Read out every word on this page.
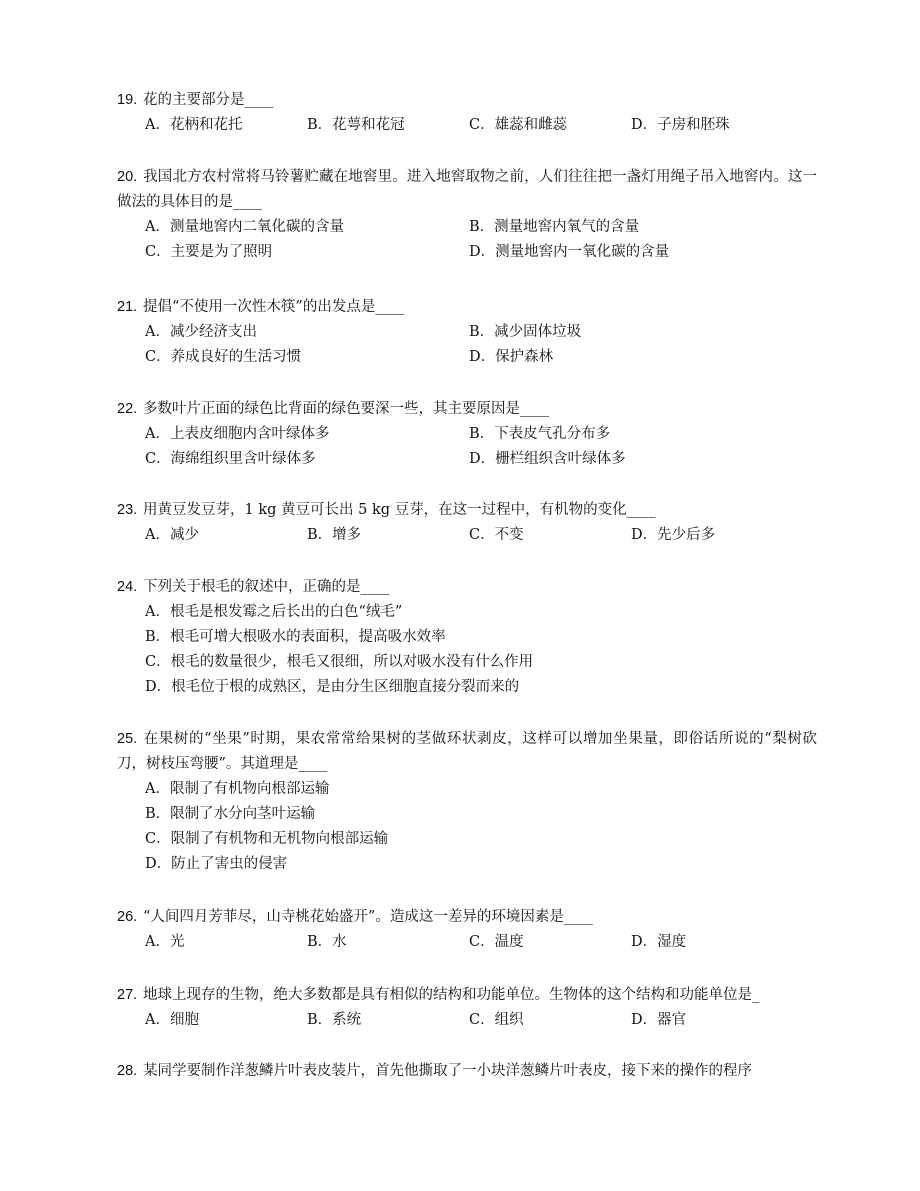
19. 花的主要部分是____

A．花柄和花托	B．花萼和花冠	C．雄蕊和雌蕊	D．子房和胚珠

20. 我国北方农村常将马铃薯贮藏在地窖里。进入地窖取物之前，人们往往把一盏灯用绳子吊入地窖内。这一做法的具体目的是____

A．测量地窖内二氧化碳的含量	B．测量地窖内氧气的含量
C．主要是为了照明	D．测量地窖内一氧化碳的含量

21. 提倡“不使用一次性木筷”的出发点是____

A．减少经济支出	B．减少固体垃圾
C．养成良好的生活习惯	D．保护森林

22. 多数叶片正面的绿色比背面的绿色要深一些，其主要原因是____

A．上表皮细胞内含叶绿体多	B．下表皮气孔分布多
C．海绵组织里含叶绿体多	D．栅栏组织含叶绿体多

23. 用黄豆发豆芽，1 kg 黄豆可长出 5 kg 豆芽，在这一过程中，有机物的变化____

A．减少	B．增多	C．不变	D．先少后多

24. 下列关于根毛的叙述中，正确的是____

A．根毛是根发霉之后长出的白色“绒毛”
B．根毛可增大根吸水的表面积，提高吸水效率
C．根毛的数量很少，根毛又很细，所以对吸水没有什么作用
D．根毛位于根的成熟区，是由分生区细胞直接分裂而来的

25. 在果树的“坐果”时期，果农常常给果树的茎做环状剥皮，这样可以增加坐果量，即俗话所说的“梨树砍刀，树枝压弯腰”。其道理是____

A．限制了有机物向根部运输
B．限制了水分向茎叶运输
C．限制了有机物和无机物向根部运输
D．防止了害虫的侵害

26. “人间四月芳菲尽，山寺桃花始盛开”。造成这一差异的环境因素是____

A．光	B．水	C．温度	D．湿度

27. 地球上现存的生物，绝大多数都是具有相似的结构和功能单位。生物体的这个结构和功能单位是_

A．细胞	B．系统	C．组织	D．器官

28. 某同学要制作洋葱鳞片叶表皮装片，首先他撕取了一小块洋葱鳞片叶表皮，接下来的操作的程序
